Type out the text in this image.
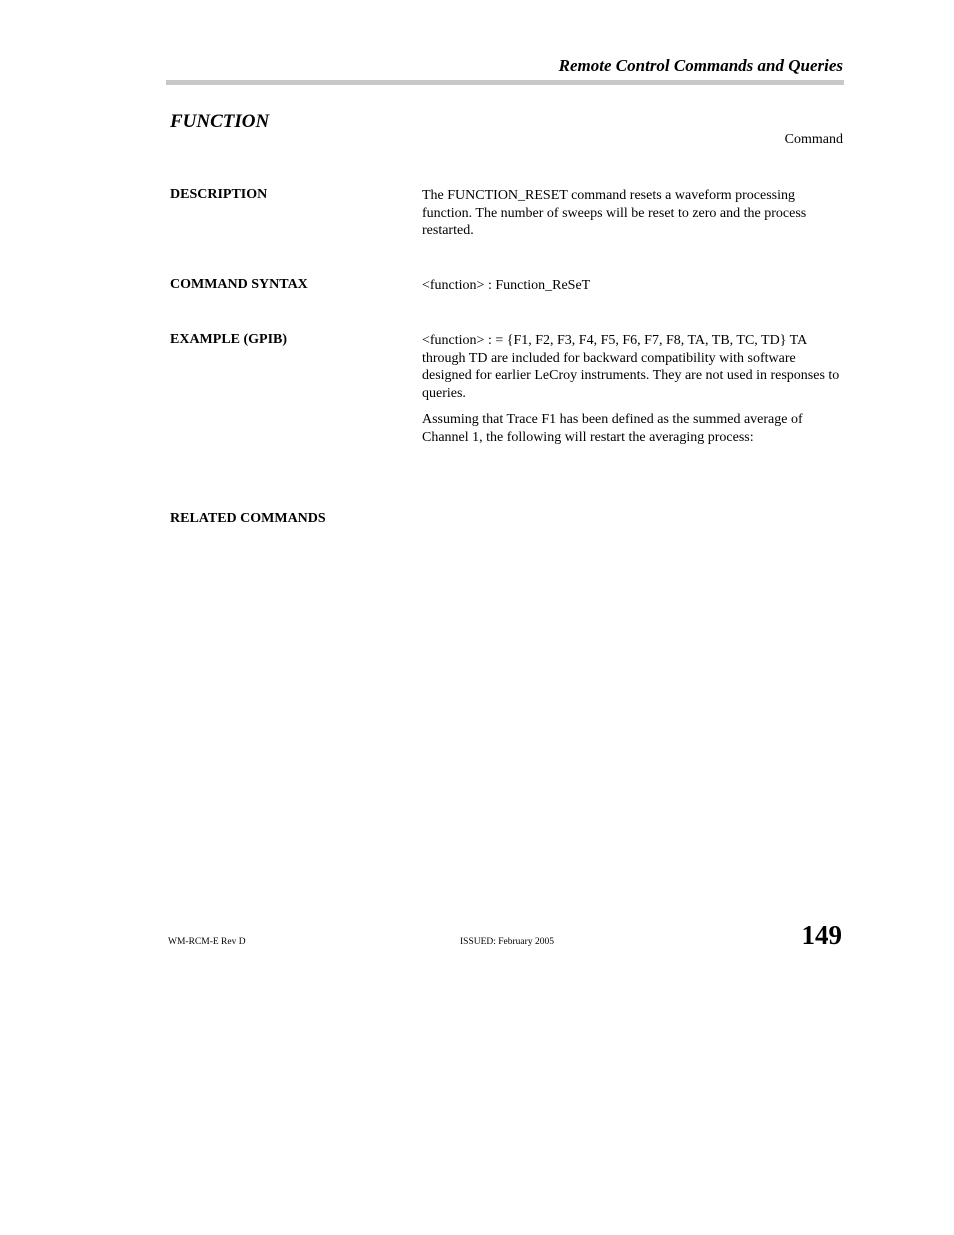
Remote Control Commands and Queries
FUNCTION
Command
DESCRIPTION	The FUNCTION_RESET command resets a waveform processing function. The number of sweeps will be reset to zero and the process restarted.

COMMAND SYNTAX	<function> : Function_ReSeT

EXAMPLE (GPIB)	<function> : = {F1, F2, F3, F4, F5, F6, F7, F8, TA, TB, TC, TD} TA through TD are included for backward compatibility with software designed for earlier LeCroy instruments. They are not used in responses to queries.

Assuming that Trace F1 has been defined as the summed average of Channel 1, the following will restart the averaging process:

RELATED COMMANDS
WM-RCM-E Rev D	ISSUED: February 2005	149
